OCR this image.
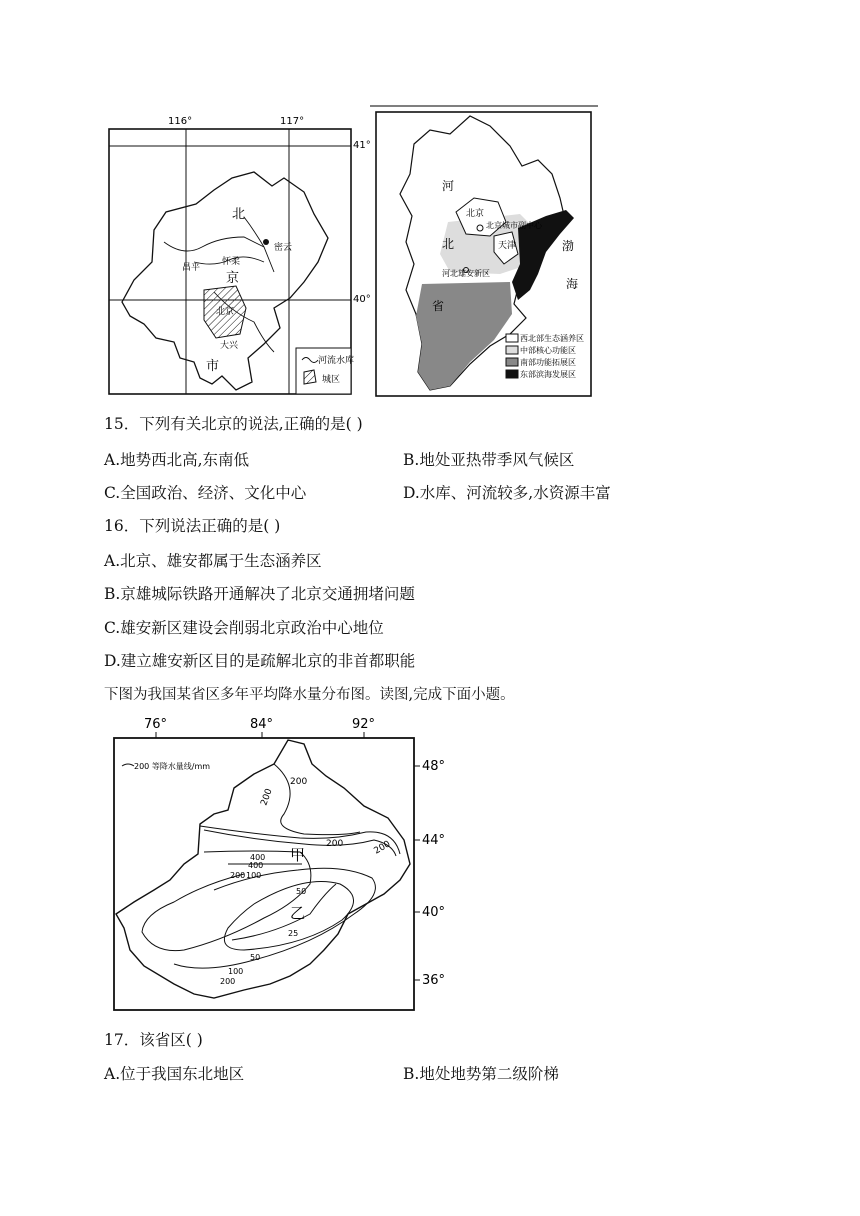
116°	117°
41°
40°
北
京
市
怀柔
密云
昌平
北京
大兴
河流水库
城区
河
北
北京
天津	渤
海
河北雄安新区
北京城市副中心
省
西北部生态涵养区
中部核心功能区
南部功能拓展区
东部滨海发展区
15．下列有关北京的说法,正确的是( )
A.地势西北高,东南低	B.地处亚热带季风气候区
C.全国政治、经济、文化中心	D.水库、河流较多,水资源丰富
16．下列说法正确的是( )
A.北京、雄安都属于生态涵养区
B.京雄城际铁路开通解决了北京交通拥堵问题
C.雄安新区建设会削弱北京政治中心地位
D.建立雄安新区目的是疏解北京的非首都职能
下图为我国某省区多年平均降水量分布图。读图,完成下面小题。
76°	84°	92°
48°
44°
40°
36°
200 等降水量线/mm
甲
乙
200
200
200	200
400
400
200 100
50
25
50
100
200
17．该省区( )
A.位于我国东北地区	B.地处地势第二级阶梯
